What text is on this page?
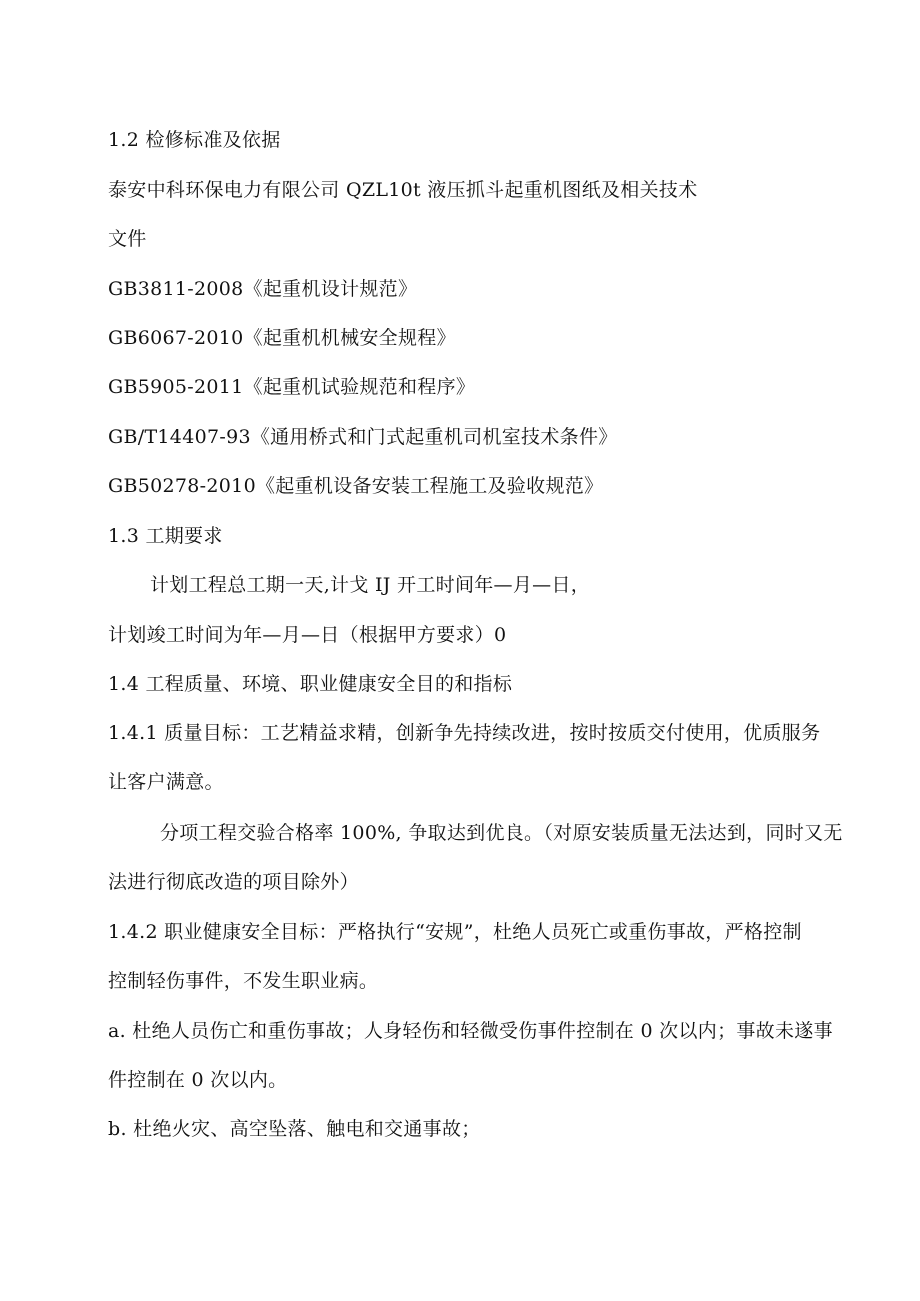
1.2 检修标准及依据
泰安中科环保电力有限公司 QZL10t 液压抓斗起重机图纸及相关技术
文件
GB3811-2008《起重机设计规范》
GB6067-2010《起重机机械安全规程》
GB5905-2011《起重机试验规范和程序》
GB/T14407-93《通用桥式和门式起重机司机室技术条件》
GB50278-2010《起重机设备安装工程施工及验收规范》
1.3 工期要求
计划工程总工期一天,计戈 IJ 开工时间年—月—日，
计划竣工时间为年—月—日（根据甲方要求）0
1.4 工程质量、环境、职业健康安全目的和指标
1.4.1 质量目标：工艺精益求精，创新争先持续改进，按时按质交付使用，优质服务
让客户满意。
分项工程交验合格率 100%, 争取达到优良。（对原安装质量无法达到，同时又无
法进行彻底改造的项目除外）
1.4.2 职业健康安全目标：严格执行“安规”，杜绝人员死亡或重伤事故，严格控制
控制轻伤事件，不发生职业病。
a. 杜绝人员伤亡和重伤事故；人身轻伤和轻微受伤事件控制在 0 次以内；事故未遂事
件控制在 0 次以内。
b. 杜绝火灾、高空坠落、触电和交通事故；
